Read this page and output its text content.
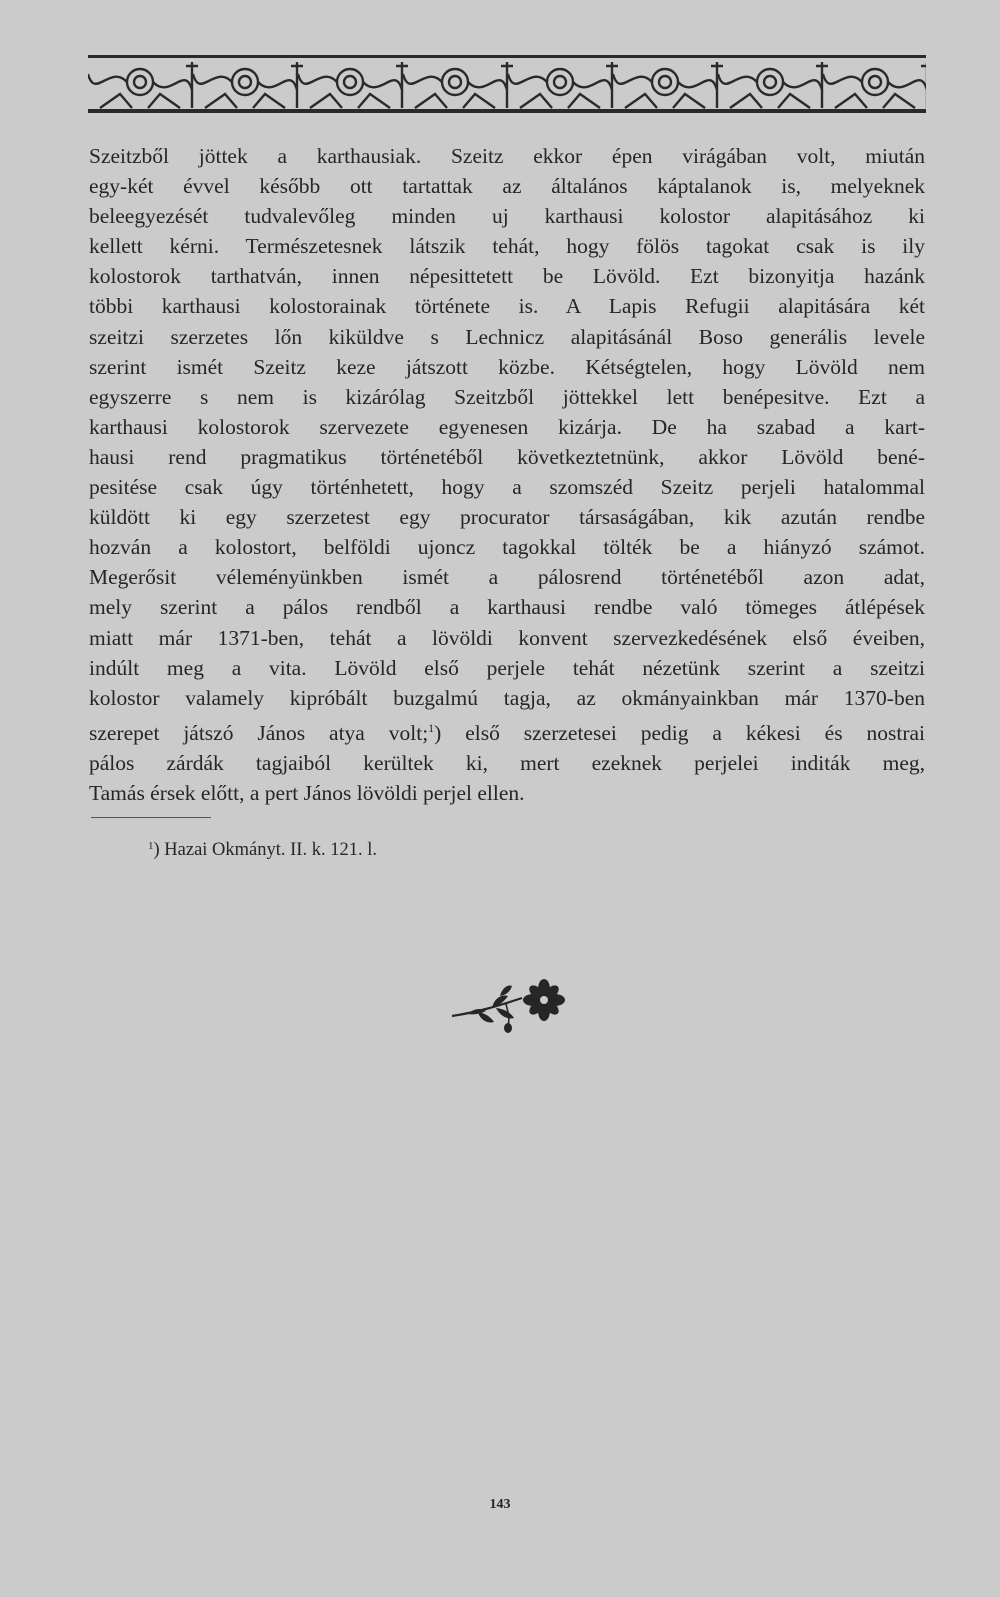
Szeitzből jöttek a karthausiak. Szeitz ekkor épen virágában volt, miután
egy-két évvel később ott tartattak az általános káptalanok is, melyeknek
beleegyezését tudvalevőleg minden uj karthausi kolostor alapitásához ki
kellett kérni. Természetesnek látszik tehát, hogy fölös tagokat csak is ily
kolostorok tarthatván, innen népesittetett be Lövöld. Ezt bizonyitja hazánk
többi karthausi kolostorainak története is. A Lapis Refugii alapitására két
szeitzi szerzetes lőn kiküldve s Lechnicz alapitásánál Boso generális levele
szerint ismét Szeitz keze játszott közbe. Kétségtelen, hogy Lövöld nem
egyszerre s nem is kizárólag Szeitzből jöttekkel lett benépesitve. Ezt a
karthausi kolostorok szervezete egyenesen kizárja. De ha szabad a kart-
hausi rend pragmatikus történetéből következtetnünk, akkor Lövöld bené-
pesitése csak úgy történhetett, hogy a szomszéd Szeitz perjeli hatalommal
küldött ki egy szerzetest egy procurator társaságában, kik azután rendbe
hozván a kolostort, belföldi ujoncz tagokkal tölték be a hiányzó számot.
Megerősit véleményünkben ismét a pálosrend történetéből azon adat,
mely szerint a pálos rendből a karthausi rendbe való tömeges átlépések
miatt már 1371-ben, tehát a lövöldi konvent szervezkedésének első éveiben,
indúlt meg a vita. Lövöld első perjele tehát nézetünk szerint a szeitzi
kolostor valamely kipróbált buzgalmú tagja, az okmányainkban már 1370-ben
szerepet játszó János atya volt;$^1$) első szerzetesei pedig a kékesi és nostrai
pálos zárdák tagjaiból kerültek ki, mert ezeknek perjelei inditák meg,
Tamás érsek előtt, a pert János lövöldi perjel ellen.
$^1$) Hazai Okmányt. II. k. 121. l.
143
